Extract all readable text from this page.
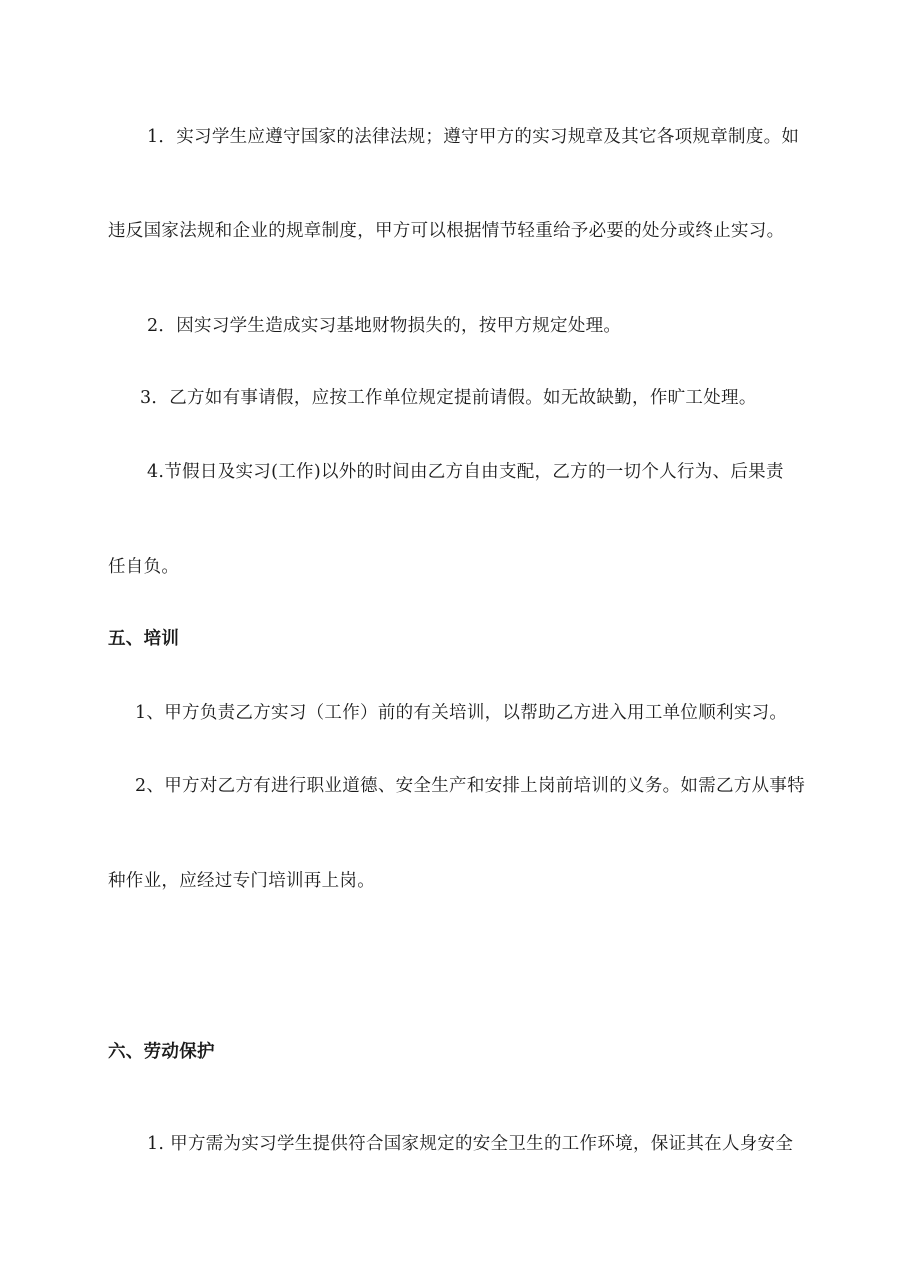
1．实习学生应遵守国家的法律法规；遵守甲方的实习规章及其它各项规章制度。如
违反国家法规和企业的规章制度，甲方可以根据情节轻重给予必要的处分或终止实习。
2．因实习学生造成实习基地财物损失的，按甲方规定处理。
3．乙方如有事请假，应按工作单位规定提前请假。如无故缺勤，作旷工处理。
4.节假日及实习(工作)以外的时间由乙方自由支配，乙方的一切个人行为、后果责
任自负。
五、培训
1、甲方负责乙方实习（工作）前的有关培训，以帮助乙方进入用工单位顺利实习。
2、甲方对乙方有进行职业道德、安全生产和安排上岗前培训的义务。如需乙方从事特
种作业，应经过专门培训再上岗。
六、劳动保护
1. 甲方需为实习学生提供符合国家规定的安全卫生的工作环境，保证其在人身安全
